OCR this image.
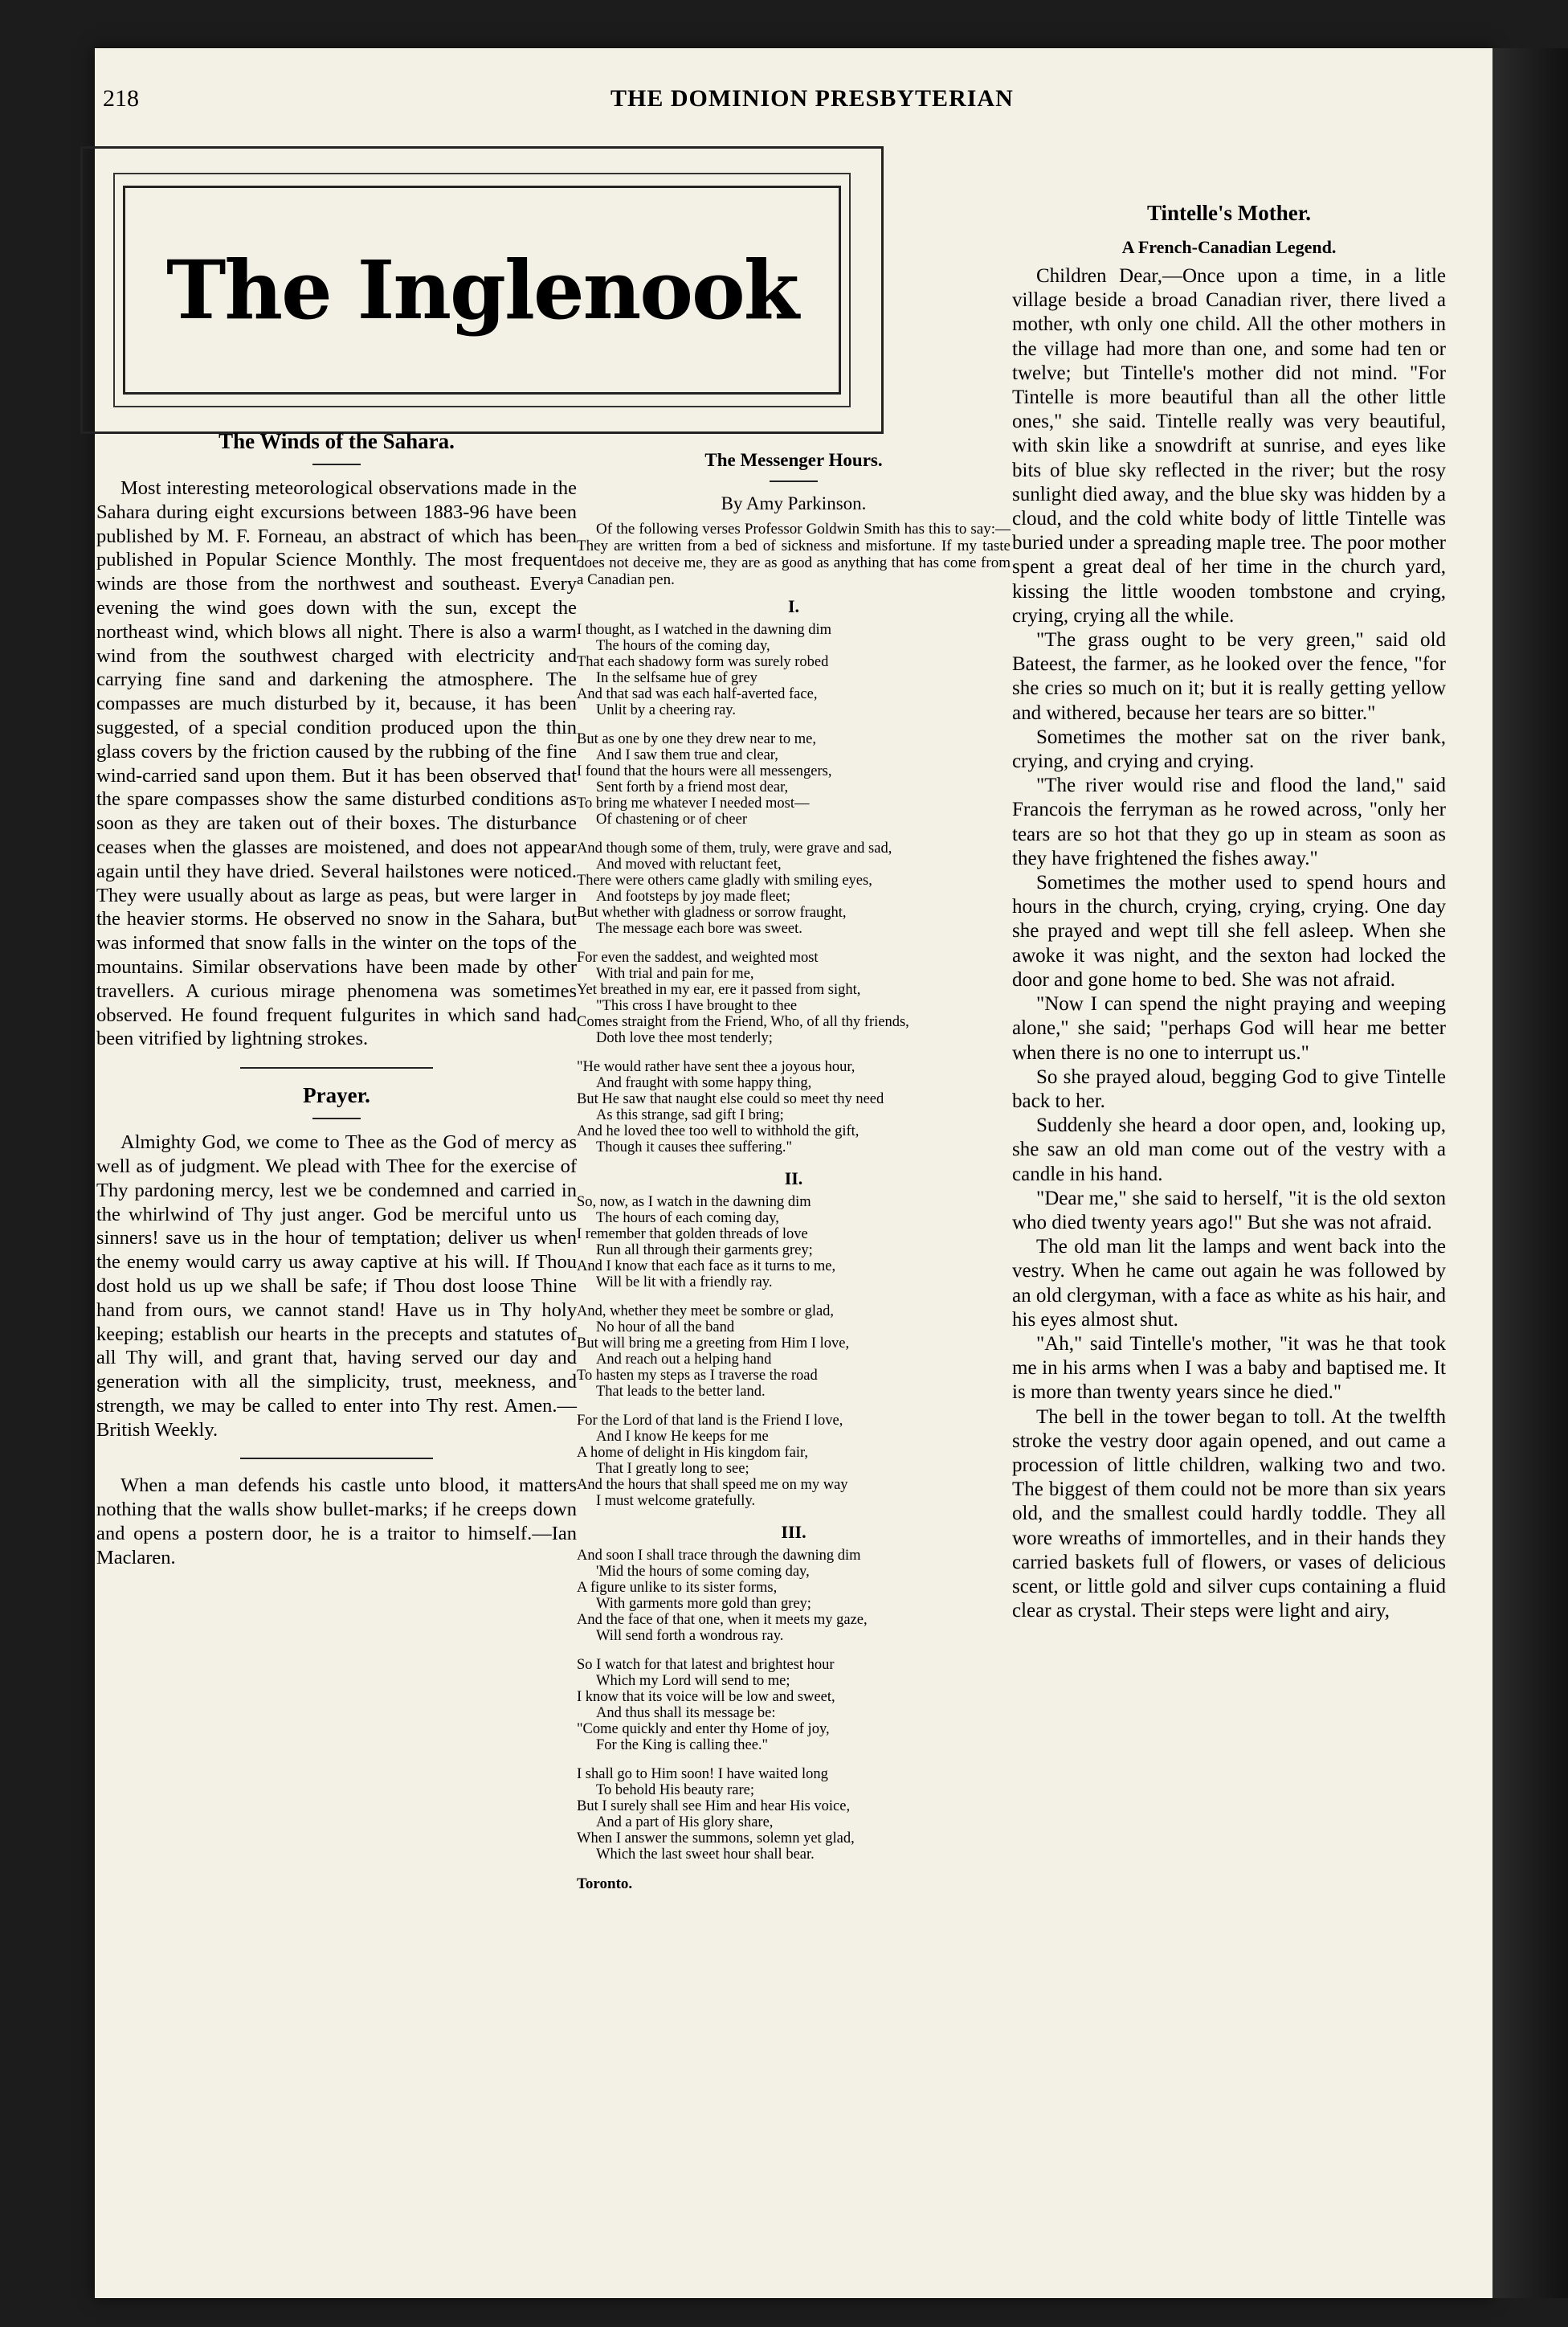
218	THE DOMINION PRESBYTERIAN
The Inglenook

The Winds of the Sahara.

Most interesting meteorological observations made in the Sahara during eight excursions between 1883-96 have been published by M. F. Forneau, an abstract of which has been published in Popular Science Monthly. The most frequent winds are those from the northwest and southeast. Every evening the wind goes down with the sun, except the northeast wind, which blows all night. There is also a warm wind from the southwest charged with electricity and carrying fine sand and darkening the atmosphere. The compasses are much disturbed by it, because, it has been suggested, of a special condition produced upon the thin glass covers by the friction caused by the rubbing of the fine wind-carried sand upon them. But it has been observed that the spare compasses show the same disturbed conditions as soon as they are taken out of their boxes. The disturbance ceases when the glasses are moistened, and does not appear again until they have dried. Several hailstones were noticed. They were usually about as large as peas, but were larger in the heavier storms. He observed no snow in the Sahara, but was informed that snow falls in the winter on the tops of the mountains. Similar observations have been made by other travellers. A curious mirage phenomena was sometimes observed. He found frequent fulgurites in which sand had been vitrified by lightning strokes.

Prayer.

Almighty God, we come to Thee as the God of mercy as well as of judgment. We plead with Thee for the exercise of Thy pardoning mercy, lest we be condemned and carried in the whirlwind of Thy just anger. God be merciful unto us sinners! save us in the hour of temptation; deliver us when the enemy would carry us away captive at his will. If Thou dost hold us up we shall be safe; if Thou dost loose Thine hand from ours, we cannot stand! Have us in Thy holy keeping; establish our hearts in the precepts and statutes of all Thy will, and grant that, having served our day and generation with all the simplicity, trust, meekness, and strength, we may be called to enter into Thy rest. Amen.—British Weekly.

When a man defends his castle unto blood, it matters nothing that the walls show bullet-marks; if he creeps down and opens a postern door, he is a traitor to himself.—Ian Maclaren.

The Messenger Hours.

By Amy Parkinson.

Of the following verses Professor Goldwin Smith has this to say:— They are written from a bed of sickness and misfortune. If my taste does not deceive me, they are as good as anything that has come from a Canadian pen.

I.
I thought, as I watched in the dawning dim
The hours of the coming day,
That each shadowy form was surely robed
In the selfsame hue of grey
And that sad was each half-averted face,
Unlit by a cheering ray.
But as one by one they drew near to me,
And I saw them true and clear,
I found that the hours were all messengers,
Sent forth by a friend most dear,
To bring me whatever I needed most—
Of chastening or of cheer
And though some of them, truly, were grave and sad,
And moved with reluctant feet,
There were others came gladly with smiling eyes,
And footsteps by joy made fleet;
But whether with gladness or sorrow fraught,
The message each bore was sweet.
For even the saddest, and weighted most
With trial and pain for me,
Yet breathed in my ear, ere it passed from sight,
"This cross I have brought to thee
Comes straight from the Friend, Who, of all thy friends,
Doth love thee most tenderly;
"He would rather have sent thee a joyous hour,
And fraught with some happy thing,
But He saw that naught else could so meet thy need
As this strange, sad gift I bring;
And he loved thee too well to withhold the gift,
Though it causes thee suffering."
II.
So, now, as I watch in the dawning dim
The hours of each coming day,
I remember that golden threads of love
Run all through their garments grey;
And I know that each face as it turns to me,
Will be lit with a friendly ray.
And, whether they meet be sombre or glad,
No hour of all the band
But will bring me a greeting from Him I love,
And reach out a helping hand
To hasten my steps as I traverse the road
That leads to the better land.
For the Lord of that land is the Friend I love,
And I know He keeps for me
A home of delight in His kingdom fair,
That I greatly long to see;
And the hours that shall speed me on my way
I must welcome gratefully.
III.
And soon I shall trace through the dawning dim
'Mid the hours of some coming day,
A figure unlike to its sister forms,
With garments more gold than grey;
And the face of that one, when it meets my gaze,
Will send forth a wondrous ray.
So I watch for that latest and brightest hour
Which my Lord will send to me;
I know that its voice will be low and sweet,
And thus shall its message be:
"Come quickly and enter thy Home of joy,
For the King is calling thee."
I shall go to Him soon! I have waited long
To behold His beauty rare;
But I surely shall see Him and hear His voice,
And a part of His glory share,
When I answer the summons, solemn yet glad,
Which the last sweet hour shall bear.
Toronto.

Tintelle's Mother.

A French-Canadian Legend.

Children Dear,—Once upon a time, in a litle village beside a broad Canadian river, there lived a mother, wth only one child. All the other mothers in the village had more than one, and some had ten or twelve; but Tintelle's mother did not mind. "For Tintelle is more beautiful than all the other little ones," she said. Tintelle really was very beautiful, with skin like a snowdrift at sunrise, and eyes like bits of blue sky reflected in the river; but the rosy sunlight died away, and the blue sky was hidden by a cloud, and the cold white body of little Tintelle was buried under a spreading maple tree. The poor mother spent a great deal of her time in the church yard, kissing the little wooden tombstone and crying, crying, crying all the while.

"The grass ought to be very green," said old Bateest, the farmer, as he looked over the fence, "for she cries so much on it; but it is really getting yellow and withered, because her tears are so bitter."

Sometimes the mother sat on the river bank, crying, and crying and crying.

"The river would rise and flood the land," said Francois the ferryman as he rowed across, "only her tears are so hot that they go up in steam as soon as they have frightened the fishes away."

Sometimes the mother used to spend hours and hours in the church, crying, crying, crying. One day she prayed and wept till she fell asleep. When she awoke it was night, and the sexton had locked the door and gone home to bed. She was not afraid.

"Now I can spend the night praying and weeping alone," she said; "perhaps God will hear me better when there is no one to interrupt us."

So she prayed aloud, begging God to give Tintelle back to her.

Suddenly she heard a door open, and, looking up, she saw an old man come out of the vestry with a candle in his hand.

"Dear me," she said to herself, "it is the old sexton who died twenty years ago!" But she was not afraid.

The old man lit the lamps and went back into the vestry. When he came out again he was followed by an old clergyman, with a face as white as his hair, and his eyes almost shut.

"Ah," said Tintelle's mother, "it was he that took me in his arms when I was a baby and baptised me. It is more than twenty years since he died."

The bell in the tower began to toll. At the twelfth stroke the vestry door again opened, and out came a procession of little children, walking two and two. The biggest of them could not be more than six years old, and the smallest could hardly toddle. They all wore wreaths of immortelles, and in their hands they carried baskets full of flowers, or vases of delicious scent, or little gold and silver cups containing a fluid clear as crystal. Their steps were light and airy,
